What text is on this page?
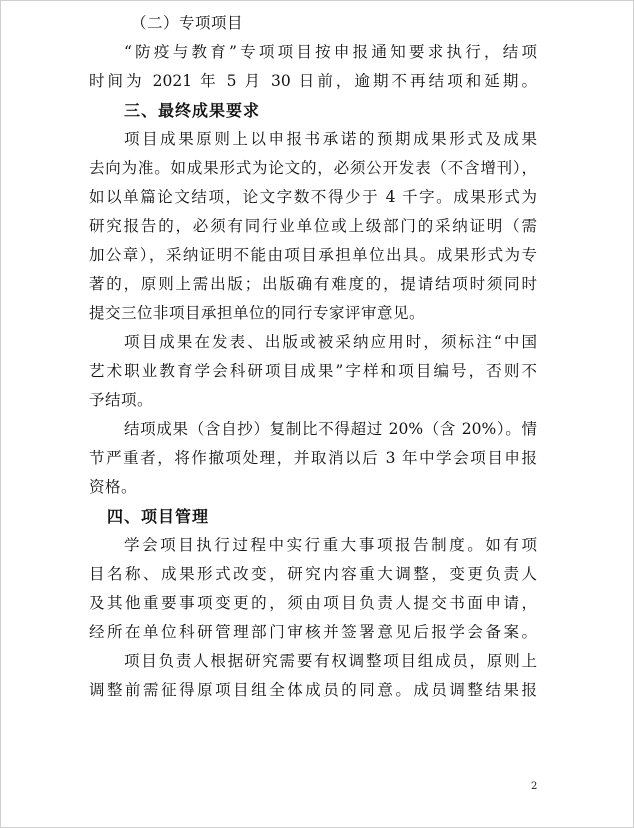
（二）专项项目
“防疫与教育”专项项目按申报通知要求执行，结项
时间为 2021 年 5 月 30 日前，逾期不再结项和延期。
三、最终成果要求
项目成果原则上以申报书承诺的预期成果形式及成果
去向为准。如成果形式为论文的，必须公开发表（不含增刊），
如以单篇论文结项，论文字数不得少于 4 千字。成果形式为
研究报告的，必须有同行业单位或上级部门的采纳证明（需
加公章），采纳证明不能由项目承担单位出具。成果形式为专
著的，原则上需出版；出版确有难度的，提请结项时须同时
提交三位非项目承担单位的同行专家评审意见。
项目成果在发表、出版或被采纳应用时，须标注“中国
艺术职业教育学会科研项目成果”字样和项目编号，否则不
予结项。
结项成果（含自抄）复制比不得超过 20%（含 20%）。情
节严重者，将作撤项处理，并取消以后 3 年中学会项目申报
资格。
四、项目管理
学会项目执行过程中实行重大事项报告制度。如有项
目名称、成果形式改变，研究内容重大调整，变更负责人
及其他重要事项变更的，须由项目负责人提交书面申请，
经所在单位科研管理部门审核并签署意见后报学会备案。
项目负责人根据研究需要有权调整项目组成员，原则上
调整前需征得原项目组全体成员的同意。成员调整结果报
2
